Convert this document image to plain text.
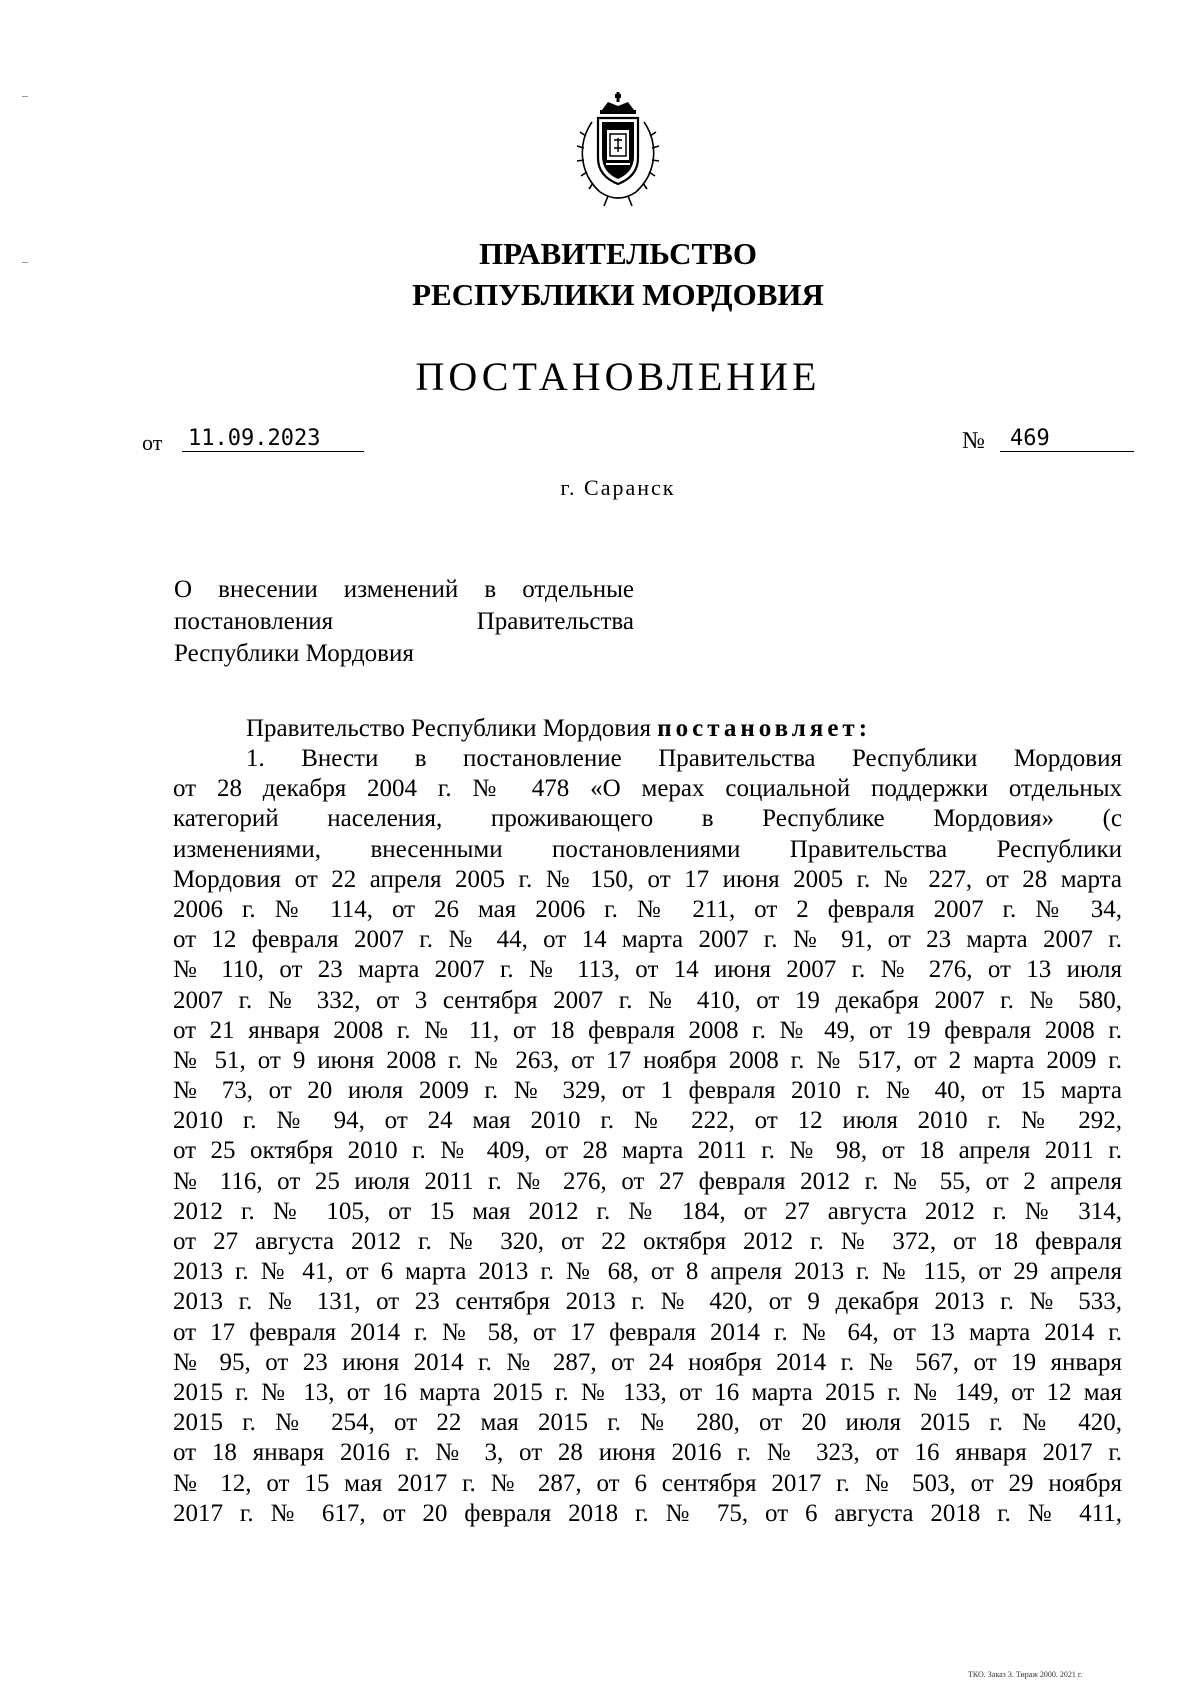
ПРАВИТЕЛЬСТВО
РЕСПУБЛИКИ МОРДОВИЯ
ПОСТАНОВЛЕНИЕ
от 11.09.2023	№	469
г. Саранск
О внесении изменений в отдельные
постановления Правительства
Республики Мордовия
Правительство Республики Мордовия постановляет:
1. Внести в постановление Правительства Республики Мордовия
от 28 декабря 2004 г. № 478 «О мерах социальной поддержки отдельных
категорий населения, проживающего в Республике Мордовия» (с
изменениями, внесенными постановлениями Правительства Республики
Мордовия от 22 апреля 2005 г. № 150, от 17 июня 2005 г. № 227, от 28 марта
2006 г. № 114, от 26 мая 2006 г. № 211, от 2 февраля 2007 г. № 34,
от 12 февраля 2007 г. № 44, от 14 марта 2007 г. № 91, от 23 марта 2007 г.
№ 110, от 23 марта 2007 г. № 113, от 14 июня 2007 г. № 276, от 13 июля
2007 г. № 332, от 3 сентября 2007 г. № 410, от 19 декабря 2007 г. № 580,
от 21 января 2008 г. № 11, от 18 февраля 2008 г. № 49, от 19 февраля 2008 г.
№ 51, от 9 июня 2008 г. № 263, от 17 ноября 2008 г. № 517, от 2 марта 2009 г.
№ 73, от 20 июля 2009 г. № 329, от 1 февраля 2010 г. № 40, от 15 марта
2010 г. № 94, от 24 мая 2010 г. № 222, от 12 июля 2010 г. № 292,
от 25 октября 2010 г. № 409, от 28 марта 2011 г. № 98, от 18 апреля 2011 г.
№ 116, от 25 июля 2011 г. № 276, от 27 февраля 2012 г. № 55, от 2 апреля
2012 г. № 105, от 15 мая 2012 г. № 184, от 27 августа 2012 г. № 314,
от 27 августа 2012 г. № 320, от 22 октября 2012 г. № 372, от 18 февраля
2013 г. № 41, от 6 марта 2013 г. № 68, от 8 апреля 2013 г. № 115, от 29 апреля
2013 г. № 131, от 23 сентября 2013 г. № 420, от 9 декабря 2013 г. № 533,
от 17 февраля 2014 г. № 58, от 17 февраля 2014 г. № 64, от 13 марта 2014 г.
№ 95, от 23 июня 2014 г. № 287, от 24 ноября 2014 г. № 567, от 19 января
2015 г. № 13, от 16 марта 2015 г. № 133, от 16 марта 2015 г. № 149, от 12 мая
2015 г. № 254, от 22 мая 2015 г. № 280, от 20 июля 2015 г. № 420,
от 18 января 2016 г. № 3, от 28 июня 2016 г. № 323, от 16 января 2017 г.
№ 12, от 15 мая 2017 г. № 287, от 6 сентября 2017 г. № 503, от 29 ноября
2017 г. № 617, от 20 февраля 2018 г. № 75, от 6 августа 2018 г. № 411,
ТКО. Заказ 3. Тираж 2000. 2021 г.
